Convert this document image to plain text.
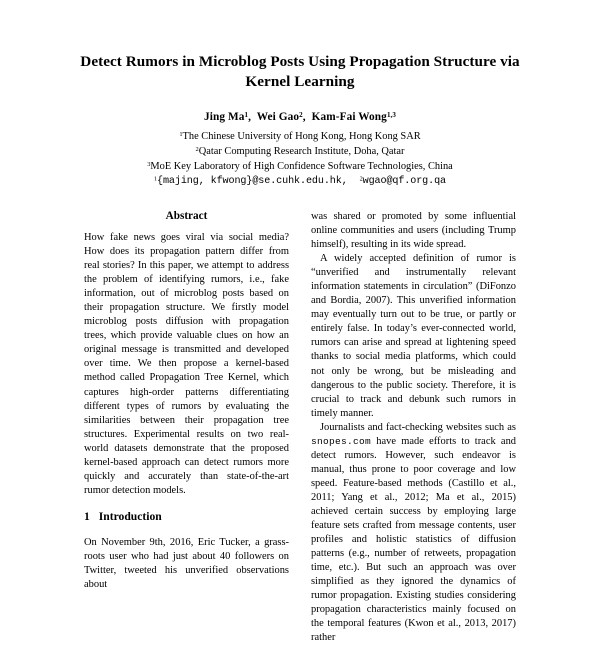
Detect Rumors in Microblog Posts Using Propagation Structure via Kernel Learning
Jing Ma$^1$,  Wei Gao$^2$,  Kam-Fai Wong$^{1,3}$
$^1$The Chinese University of Hong Kong, Hong Kong SAR
$^2$Qatar Computing Research Institute, Doha, Qatar
$^3$MoE Key Laboratory of High Confidence Software Technologies, China
$^1${majing, kfwong}@se.cuhk.edu.hk, $^2$wgao@qf.org.qa
Abstract

How fake news goes viral via social media? How does its propagation pattern differ from real stories? In this paper, we attempt to address the problem of identifying rumors, i.e., fake information, out of microblog posts based on their propagation structure. We firstly model microblog posts diffusion with propagation trees, which provide valuable clues on how an original message is transmitted and developed over time. We then propose a kernel-based method called Propagation Tree Kernel, which captures high-order patterns differentiating different types of rumors by evaluating the similarities between their propagation tree structures. Experimental results on two real-world datasets demonstrate that the proposed kernel-based approach can detect rumors more quickly and accurately than state-of-the-art rumor detection models.

1 Introduction

On November 9th, 2016, Eric Tucker, a grass-roots user who had just about 40 followers on Twitter, tweeted his unverified observations about

was shared or promoted by some influential online communities and users (including Trump himself), resulting in its wide spread.

A widely accepted definition of rumor is “unverified and instrumentally relevant information statements in circulation” (DiFonzo and Bordia, 2007). This unverified information may eventually turn out to be true, or partly or entirely false. In today’s ever-connected world, rumors can arise and spread at lightening speed thanks to social media platforms, which could not only be wrong, but be misleading and dangerous to the public society. Therefore, it is crucial to track and debunk such rumors in timely manner.

Journalists and fact-checking websites such as snopes.com have made efforts to track and detect rumors. However, such endeavor is manual, thus prone to poor coverage and low speed. Feature-based methods (Castillo et al., 2011; Yang et al., 2012; Ma et al., 2015) achieved certain success by employing large feature sets crafted from message contents, user profiles and holistic statistics of diffusion patterns (e.g., number of retweets, propagation time, etc.). But such an approach was over simplified as they ignored the dynamics of rumor propagation. Existing studies considering propagation characteristics mainly focused on the temporal features (Kwon et al., 2013, 2017) rather
